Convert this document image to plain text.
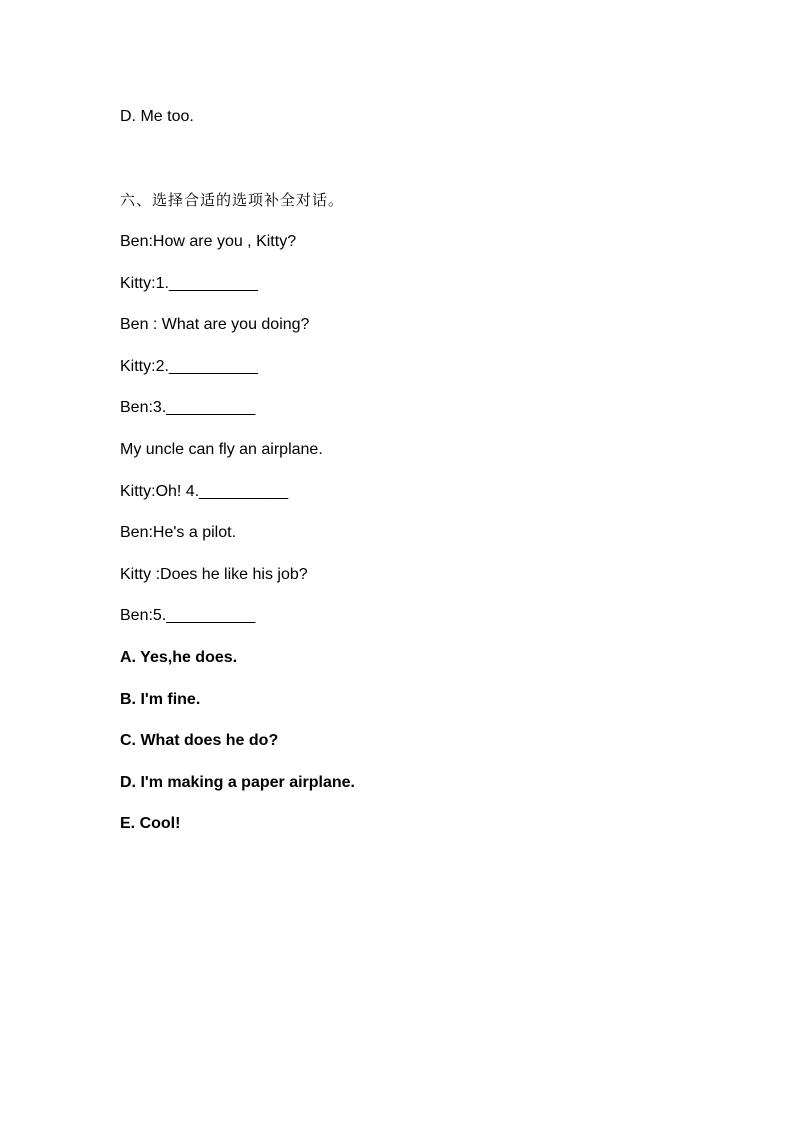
D. Me too.
六、选择合适的选项补全对话。
Ben:How are you , Kitty?
Kitty:1.__________
Ben : What are you doing?
Kitty:2.__________
Ben:3.__________
My uncle can fly an airplane.
Kitty:Oh! 4.__________
Ben:He's a pilot.
Kitty :Does he like his job?
Ben:5.__________
A. Yes,he does.
B. I'm fine.
C. What does he do?
D. I'm making a paper airplane.
E. Cool!
